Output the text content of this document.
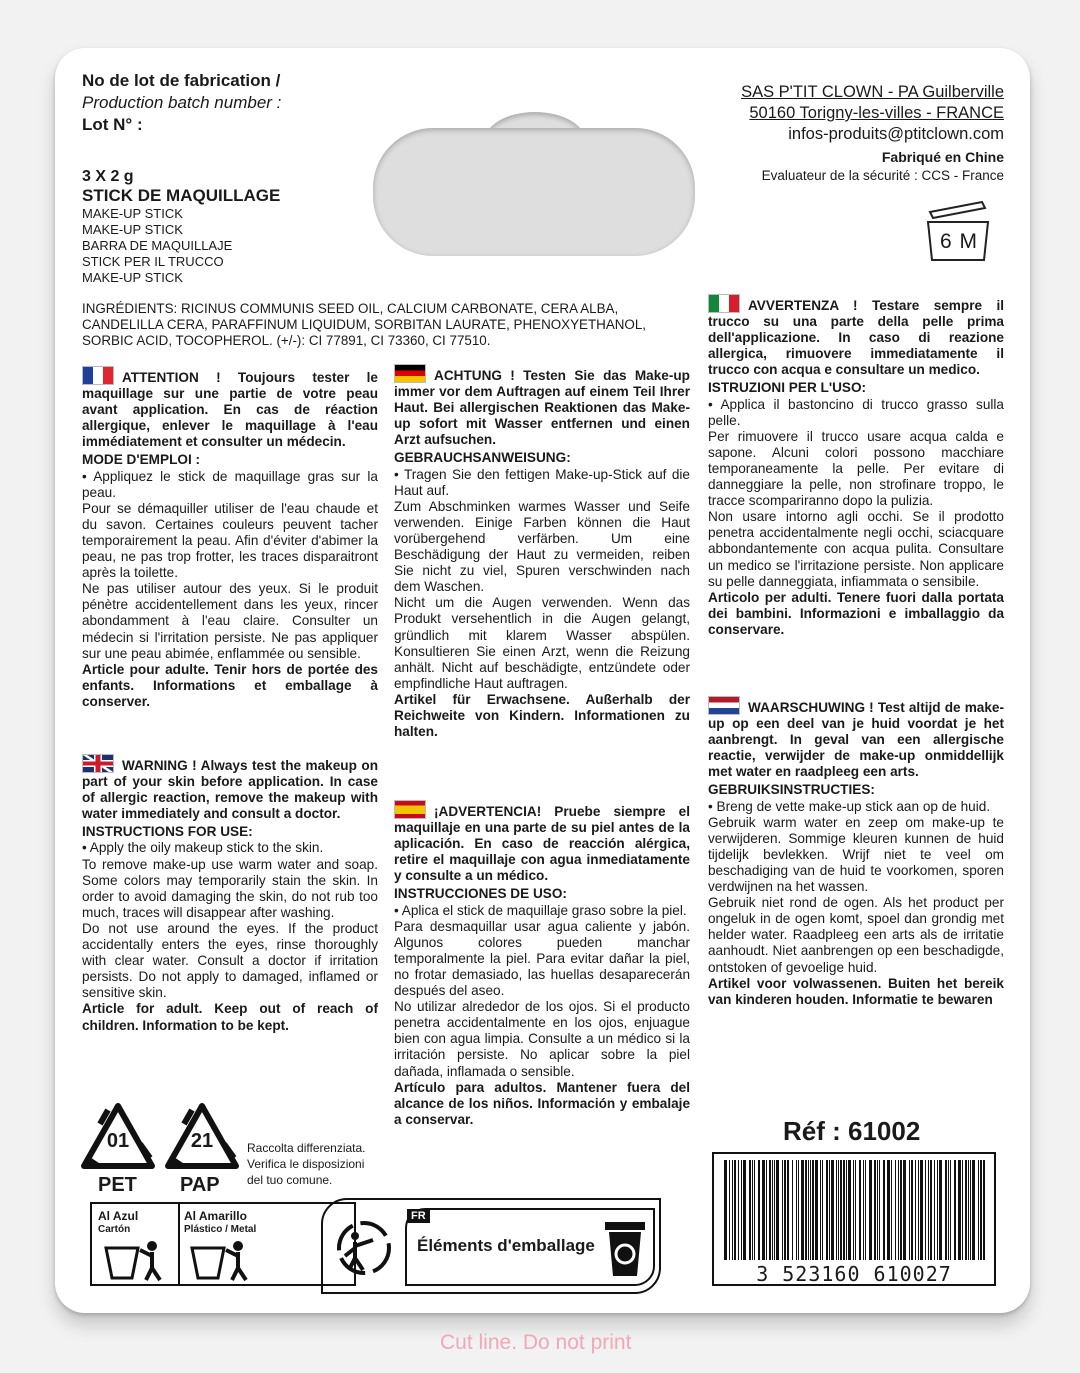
No de lot de fabrication /
Production batch number :
Lot N° :
3 X 2 g
STICK DE MAQUILLAGE
MAKE-UP STICK
MAKE-UP STICK
BARRA DE MAQUILLAJE
STICK PER IL TRUCCO
MAKE-UP STICK
SAS P'TIT CLOWN - PA Guilberville
50160 Torigny-les-villes - FRANCE
infos-produits@ptitclown.com
Fabriqué en Chine
Evaluateur de la sécurité : CCS - France
6 M
INGRÉDIENTS: RICINUS COMMUNIS SEED OIL, CALCIUM CARBONATE, CERA ALBA, CANDELILLA CERA, PARAFFINUM LIQUIDUM, SORBITAN LAURATE, PHENOXYETHANOL, SORBIC ACID, TOCOPHEROL. (+/-): CI 77891, CI 73360, CI 77510.

ATTENTION ! Toujours tester le maquillage sur une partie de votre peau avant application. En cas de réaction allergique, enlever le maquillage à l'eau immédiatement et consulter un médecin.

MODE D'EMPLOI :

• Appliquez le stick de maquillage gras sur la peau.

Pour se démaquiller utiliser de l'eau chaude et du savon. Certaines couleurs peuvent tacher temporairement la peau. Afin d'éviter d'abimer la peau, ne pas trop frotter, les traces disparaitront après la toilette.

Ne pas utiliser autour des yeux. Si le produit pénètre accidentellement dans les yeux, rincer abondamment à l'eau claire. Consulter un médecin si l'irritation persiste. Ne pas appliquer sur une peau abimée, enflammée ou sensible.

Article pour adulte. Tenir hors de portée des enfants. Informations et emballage à conserver.

WARNING ! Always test the makeup on part of your skin before application. In case of allergic reaction, remove the makeup with water immediately and consult a doctor.

INSTRUCTIONS FOR USE:

• Apply the oily makeup stick to the skin.

To remove make-up use warm water and soap. Some colors may temporarily stain the skin. In order to avoid damaging the skin, do not rub too much, traces will disappear after washing.

Do not use around the eyes. If the product accidentally enters the eyes, rinse thoroughly with clear water. Consult a doctor if irritation persists. Do not apply to damaged, inflamed or sensitive skin.

Article for adult. Keep out of reach of children. Information to be kept.

ACHTUNG ! Testen Sie das Make-up immer vor dem Auftragen auf einem Teil Ihrer Haut. Bei allergischen Reaktionen das Make-up sofort mit Wasser entfernen und einen Arzt aufsuchen.

GEBRAUCHSANWEISUNG:

• Tragen Sie den fettigen Make-up-Stick auf die Haut auf.

Zum Abschminken warmes Wasser und Seife verwenden. Einige Farben können die Haut vorübergehend verfärben. Um eine Beschädigung der Haut zu vermeiden, reiben Sie nicht zu viel, Spuren verschwinden nach dem Waschen.

Nicht um die Augen verwenden. Wenn das Produkt versehentlich in die Augen gelangt, gründlich mit klarem Wasser abspülen. Konsultieren Sie einen Arzt, wenn die Reizung anhält. Nicht auf beschädigte, entzündete oder empfindliche Haut auftragen.

Artikel für Erwachsene. Außerhalb der Reichweite von Kindern. Informationen zu halten.

¡ADVERTENCIA! Pruebe siempre el maquillaje en una parte de su piel antes de la aplicación. En caso de reacción alérgica, retire el maquillaje con agua inmediatamente y consulte a un médico.

INSTRUCCIONES DE USO:

• Aplica el stick de maquillaje graso sobre la piel.

Para desmaquillar usar agua caliente y jabón. Algunos colores pueden manchar temporalmente la piel. Para evitar dañar la piel, no frotar demasiado, las huellas desaparecerán después del aseo.

No utilizar alrededor de los ojos. Si el producto penetra accidentalmente en los ojos, enjuague bien con agua limpia. Consulte a un médico si la irritación persiste. No aplicar sobre la piel dañada, inflamada o sensible.

Artículo para adultos. Mantener fuera del alcance de los niños. Información y embalaje a conservar.

AVVERTENZA ! Testare sempre il trucco su una parte della pelle prima dell'applicazione. In caso di reazione allergica, rimuovere immediatamente il trucco con acqua e consultare un medico.

ISTRUZIONI PER L'USO:

• Applica il bastoncino di trucco grasso sulla pelle.

Per rimuovere il trucco usare acqua calda e sapone. Alcuni colori possono macchiare temporaneamente la pelle. Per evitare di danneggiare la pelle, non strofinare troppo, le tracce scompariranno dopo la pulizia.

Non usare intorno agli occhi. Se il prodotto penetra accidentalmente negli occhi, sciacquare abbondantemente con acqua pulita. Consultare un medico se l'irritazione persiste. Non applicare su pelle danneggiata, infiammata o sensibile.

Articolo per adulti. Tenere fuori dalla portata dei bambini. Informazioni e imballaggio da conservare.

WAARSCHUWING ! Test altijd de make-up op een deel van je huid voordat je het aanbrengt. In geval van een allergische reactie, verwijder de make-up onmiddellijk met water en raadpleeg een arts.

GEBRUIKSINSTRUCTIES:

• Breng de vette make-up stick aan op de huid.

Gebruik warm water en zeep om make-up te verwijderen. Sommige kleuren kunnen de huid tijdelijk bevlekken. Wrijf niet te veel om beschadiging van de huid te voorkomen, sporen verdwijnen na het wassen.

Gebruik niet rond de ogen. Als het product per ongeluk in de ogen komt, spoel dan grondig met helder water. Raadpleeg een arts als de irritatie aanhoudt. Niet aanbrengen op een beschadigde, ontstoken of gevoelige huid.

Artikel voor volwassenen. Buiten het bereik van kinderen houden. Informatie te bewaren

01
PET
21
PAP
Raccolta differenziata. Verifica le disposizioni del tuo comune.
Al Azul
Cartón
Al Amarillo
Plástico / Metal
FR
Éléments d'emballage
Réf : 61002
3 523160 610027
Cut line. Do not print
